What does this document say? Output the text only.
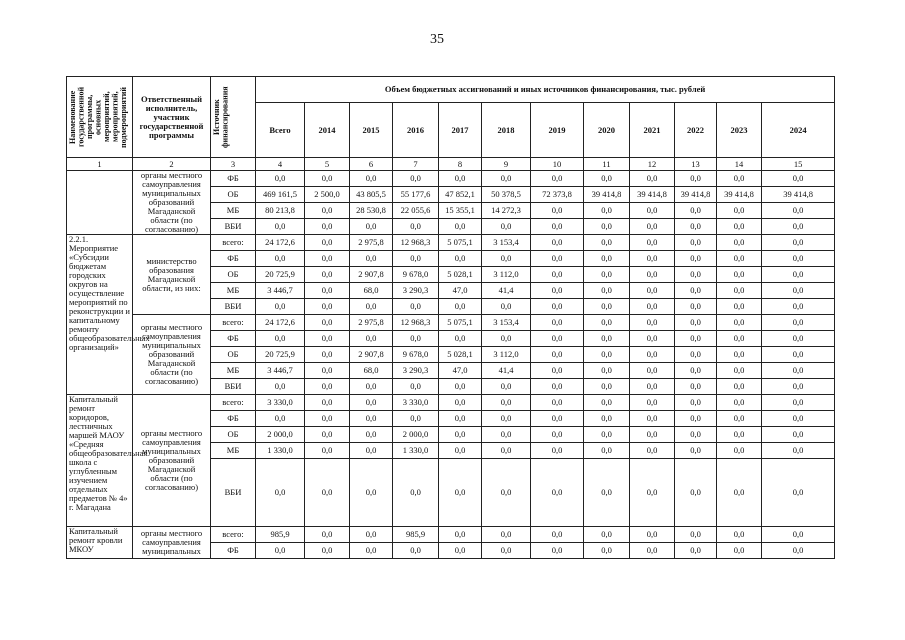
35
Наименование государственной программы, основных мероприятий, мероприятий, подмероприятий	Ответственный исполнитель, участник государственной программы	Источник финансирования	Объем бюджетных ассигнований и иных источников финансирования, тыс. рублей											
			Всего	2014	2015	2016	2017	2018	2019	2020	2021	2022	2023	2024
1	2	3	4	5	6	7	8	9	10	11	12	13	14	15
	органы местного самоуправления муниципальных образований Магаданской области (по согласованию)	ФБ	0,0	0,0	0,0	0,0	0,0	0,0	0,0	0,0	0,0	0,0	0,0	0,0
		ОБ	469 161,5	2 500,0	43 805,5	55 177,6	47 852,1	50 378,5	72 373,8	39 414,8	39 414,8	39 414,8	39 414,8	39 414,8
		МБ	80 213,8	0,0	28 530,8	22 055,6	15 355,1	14 272,3	0,0	0,0	0,0	0,0	0,0	0,0
		ВБИ	0,0	0,0	0,0	0,0	0,0	0,0	0,0	0,0	0,0	0,0	0,0	0,0
2.2.1. Мероприятие «Субсидии бюджетам городских округов на осуществление мероприятий по реконструкции и капитальному ремонту общеобразовательных организаций»	министерство образования Магаданской области, из них:	всего:	24 172,6	0,0	2 975,8	12 968,3	5 075,1	3 153,4	0,0	0,0	0,0	0,0	0,0	0,0
		ФБ	0,0	0,0	0,0	0,0	0,0	0,0	0,0	0,0	0,0	0,0	0,0	0,0
		ОБ	20 725,9	0,0	2 907,8	9 678,0	5 028,1	3 112,0	0,0	0,0	0,0	0,0	0,0	0,0
		МБ	3 446,7	0,0	68,0	3 290,3	47,0	41,4	0,0	0,0	0,0	0,0	0,0	0,0
		ВБИ	0,0	0,0	0,0	0,0	0,0	0,0	0,0	0,0	0,0	0,0	0,0	0,0
	органы местного самоуправления муниципальных образований Магаданской области (по согласованию)	всего:	24 172,6	0,0	2 975,8	12 968,3	5 075,1	3 153,4	0,0	0,0	0,0	0,0	0,0	0,0
		ФБ	0,0	0,0	0,0	0,0	0,0	0,0	0,0	0,0	0,0	0,0	0,0	0,0
		ОБ	20 725,9	0,0	2 907,8	9 678,0	5 028,1	3 112,0	0,0	0,0	0,0	0,0	0,0	0,0
		МБ	3 446,7	0,0	68,0	3 290,3	47,0	41,4	0,0	0,0	0,0	0,0	0,0	0,0
		ВБИ	0,0	0,0	0,0	0,0	0,0	0,0	0,0	0,0	0,0	0,0	0,0	0,0
Капитальный ремонт коридоров, лестничных маршей МАОУ «Средняя общеобразовательная школа с углубленным изучением отдельных предметов № 4» г. Магадана	органы местного самоуправления муниципальных образований Магаданской области (по согласованию)	всего:	3 330,0	0,0	0,0	3 330,0	0,0	0,0	0,0	0,0	0,0	0,0	0,0	0,0
		ФБ	0,0	0,0	0,0	0,0	0,0	0,0	0,0	0,0	0,0	0,0	0,0	0,0
		ОБ	2 000,0	0,0	0,0	2 000,0	0,0	0,0	0,0	0,0	0,0	0,0	0,0	0,0
		МБ	1 330,0	0,0	0,0	1 330,0	0,0	0,0	0,0	0,0	0,0	0,0	0,0	0,0
		ВБИ	0,0	0,0	0,0	0,0	0,0	0,0	0,0	0,0	0,0	0,0	0,0	0,0
Капитальный ремонт кровли МКОУ	органы местного самоуправления муниципальных	всего:	985,9	0,0	0,0	985,9	0,0	0,0	0,0	0,0	0,0	0,0	0,0	0,0
		ФБ	0,0	0,0	0,0	0,0	0,0	0,0	0,0	0,0	0,0	0,0	0,0	0,0
